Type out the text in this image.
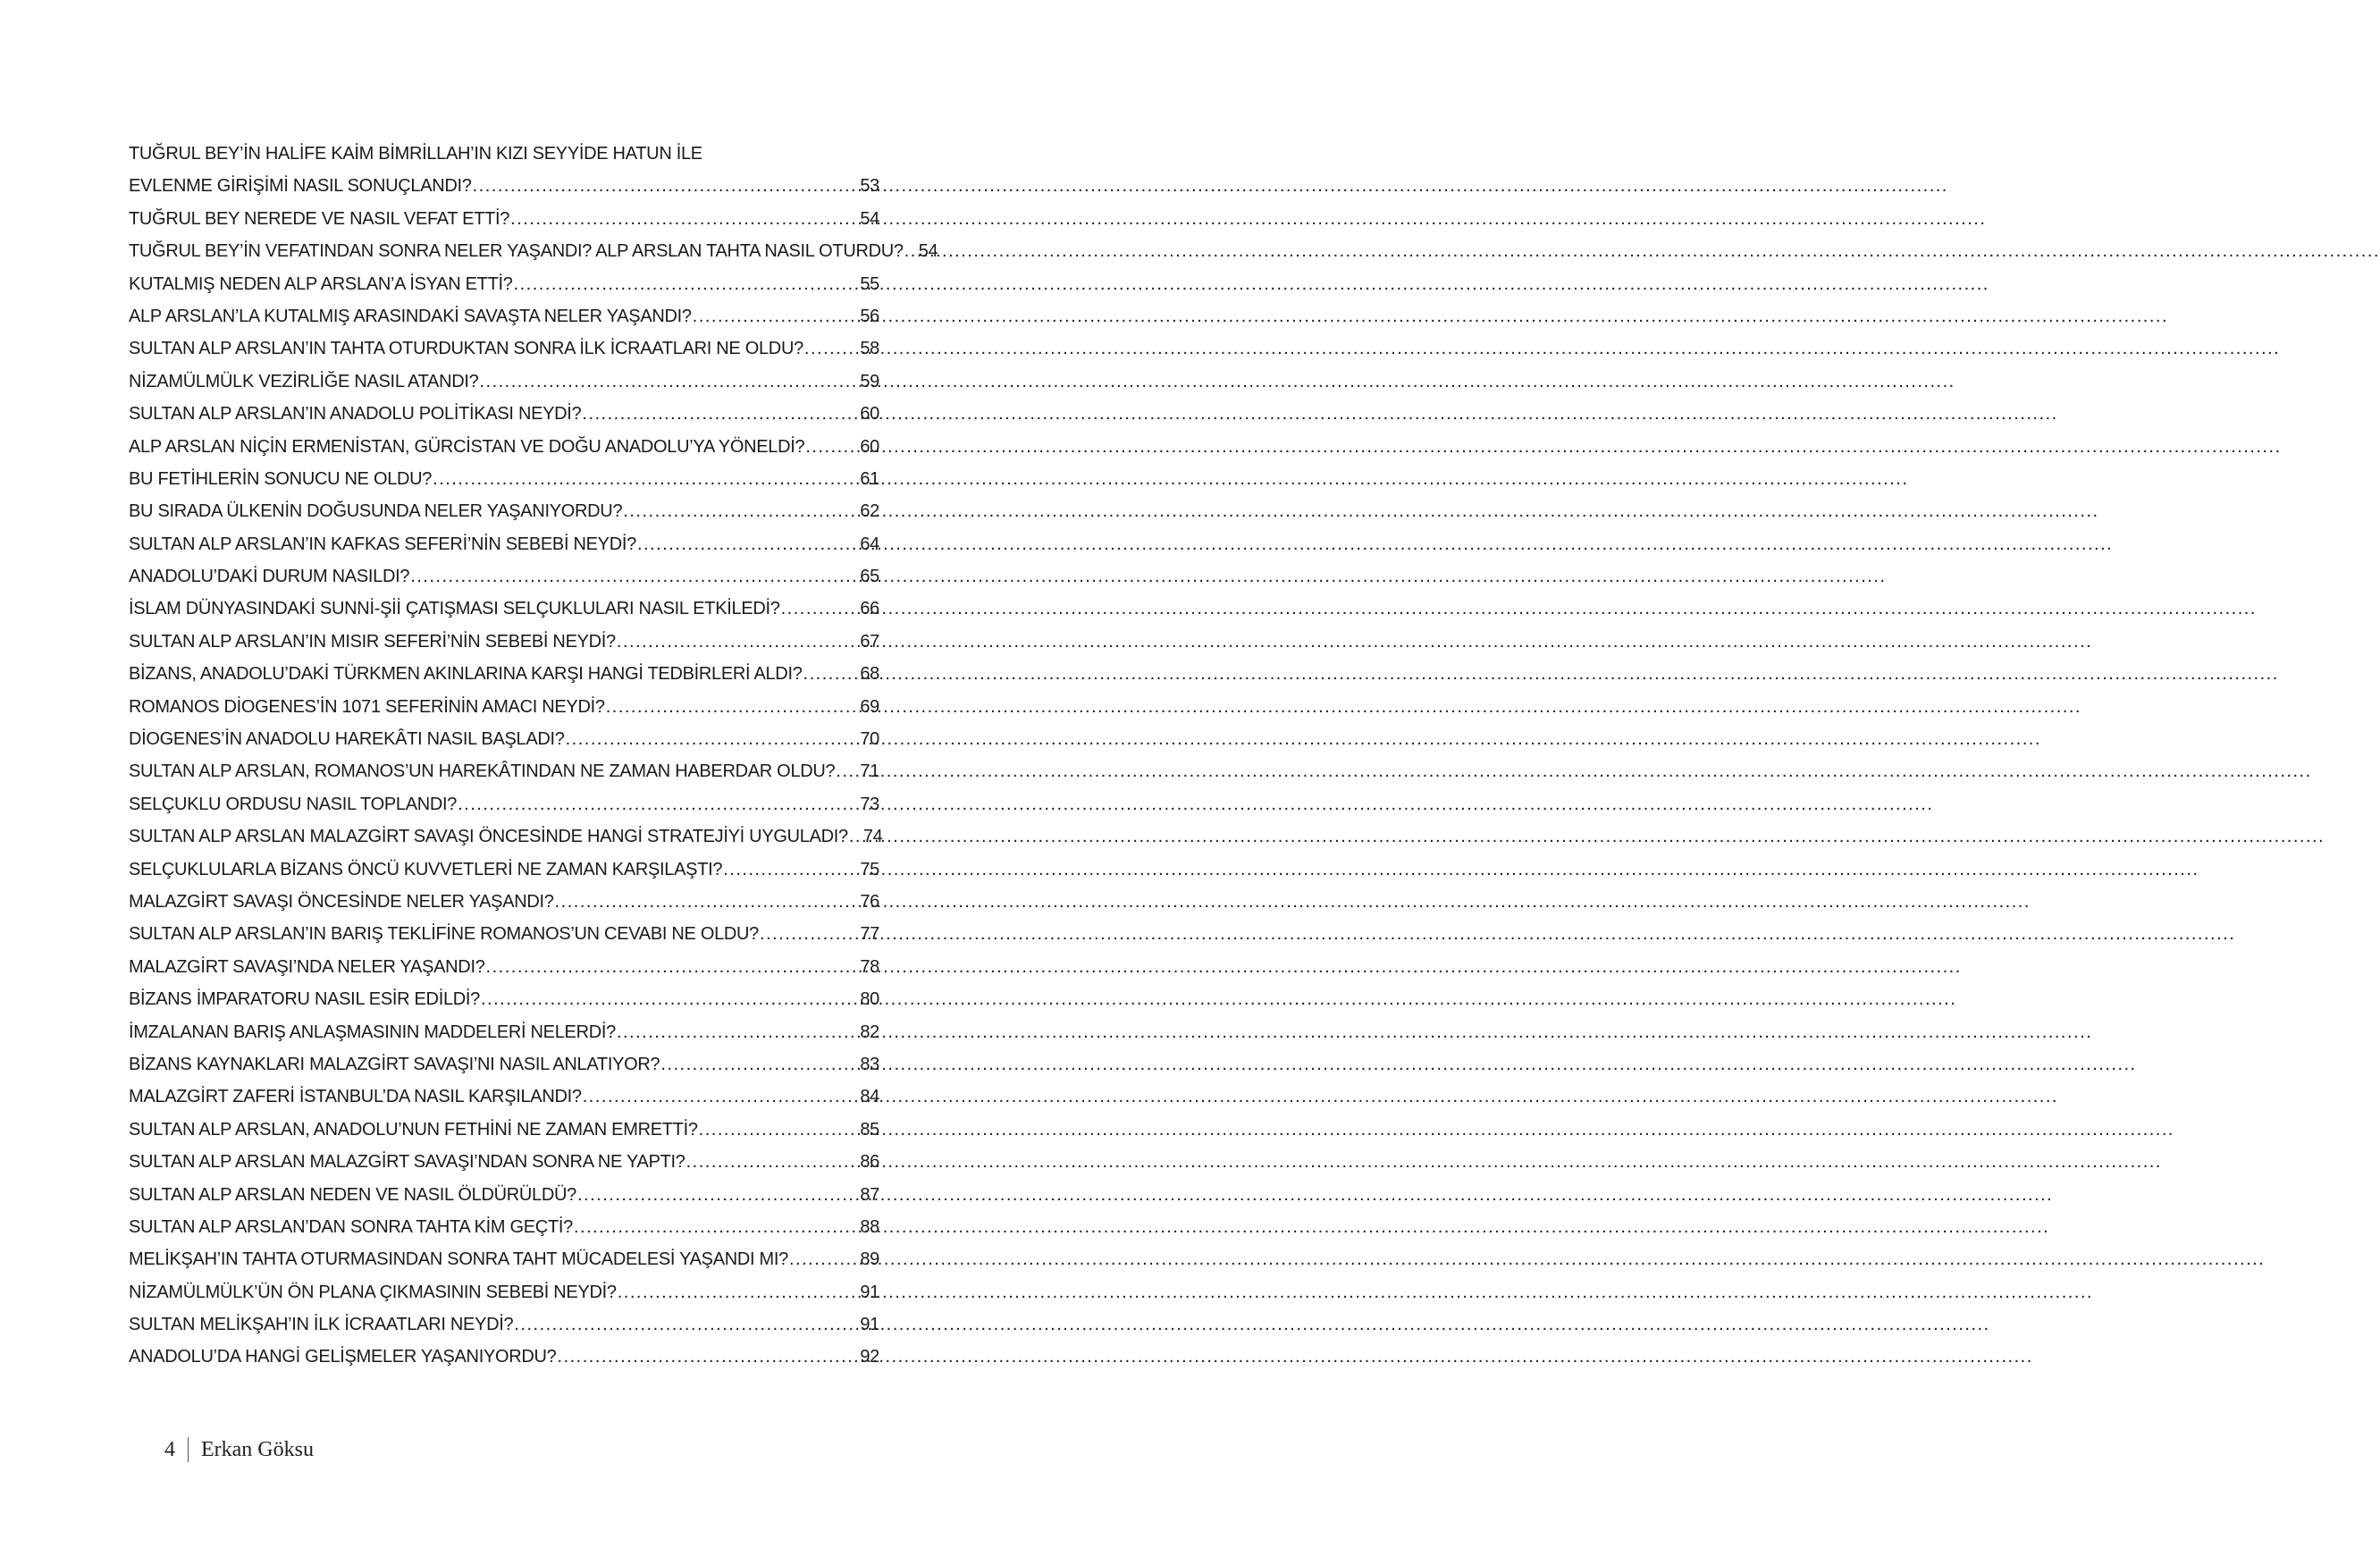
TUĞRUL BEY’İN HALİFE KAİM BİMRİLLAH’IN KIZI SEYYİDE HATUN İLE
EVLENME GİRİŞİMİ NASIL SONUÇLANDI? .....	53
TUĞRUL BEY NEREDE VE NASIL VEFAT ETTİ? .....	54
TUĞRUL BEY’İN VEFATINDAN SONRA NELER YAŞANDI? ALP ARSLAN TAHTA NASIL OTURDU? ..... 54
KUTALMIŞ NEDEN ALP ARSLAN’A İSYAN ETTİ? .....	55
ALP ARSLAN’LA KUTALMIŞ ARASINDAKİ SAVAŞTA NELER YAŞANDI? .....	56
SULTAN ALP ARSLAN’IN TAHTA OTURDUKTAN SONRA İLK İCRAATLARI NE OLDU? .....	58
NİZAMÜLMÜLK VEZİRLİĞE NASIL ATANDI? .....	59
SULTAN ALP ARSLAN’IN ANADOLU POLİTİKASI NEYDİ? .....	60
ALP ARSLAN NİÇİN ERMENİSTAN, GÜRCİSTAN VE DOĞU ANADOLU’YA YÖNELDİ? .....	60
BU FETİHLERİN SONUCU NE OLDU? .....	61
BU SIRADA ÜLKENİN DOĞUSUNDA NELER YAŞANIYORDU? .....	62
SULTAN ALP ARSLAN’IN KAFKAS SEFERİ’NİN SEBEBİ NEYDİ? .....	64
ANADOLU’DAKİ DURUM NASILDI? .....	65
İSLAM DÜNYASINDAKİ SUNNİ-Şİİ ÇATIŞMASI SELÇUKLULARI NASIL ETKİLEDİ? .....	66
SULTAN ALP ARSLAN’IN MISIR SEFERİ’NİN SEBEBİ NEYDİ? .....	67
BİZANS, ANADOLU’DAKİ TÜRKMEN AKINLARINA KARŞI HANGİ TEDBİRLERİ ALDI? .....	68
ROMANOS DİOGENES’İN 1071 SEFERİNİN AMACI NEYDİ? .....	69
DİOGENES’İN ANADOLU HAREKÂTI NASIL BAŞLADI? .....	70
SULTAN ALP ARSLAN, ROMANOS’UN HAREKÂTINDAN NE ZAMAN HABERDAR OLDU? ..... 71
SELÇUKLU ORDUSU NASIL TOPLANDI? .....	73
SULTAN ALP ARSLAN MALAZGİRT SAVAŞI ÖNCESİNDE HANGİ STRATEJİYİ UYGULADI? ..... 74
SELÇUKLULARLA BİZANS ÖNCÜ KUVVETLERİ NE ZAMAN KARŞILAŞTI? .....	75
MALAZGİRT SAVAŞI ÖNCESİNDE NELER YAŞANDI? .....	76
SULTAN ALP ARSLAN’IN BARIŞ TEKLİFİNE ROMANOS’UN CEVABI NE OLDU? .....	77
MALAZGİRT SAVAŞI’NDA NELER YAŞANDI? .....	78
BİZANS İMPARATORU NASIL ESİR EDİLDİ? .....	80
İMZALANAN BARIŞ ANLAŞMASININ MADDELERİ NELERDİ? .....	82
BİZANS KAYNAKLARI MALAZGİRT SAVAŞI’NI NASIL ANLATIYOR? .....	83
MALAZGİRT ZAFERİ İSTANBUL’DA NASIL KARŞILANDI? .....	84
SULTAN ALP ARSLAN, ANADOLU’NUN FETHİNİ NE ZAMAN EMRETTİ? .....	85
SULTAN ALP ARSLAN MALAZGİRT SAVAŞI’NDAN SONRA NE YAPTI? .....	86
SULTAN ALP ARSLAN NEDEN VE NASIL ÖLDÜRÜLDÜ? .....	87
SULTAN ALP ARSLAN’DAN SONRA TAHTA KİM GEÇTİ? .....	88
MELİKŞAH’IN TAHTA OTURMASINDAN SONRA TAHT MÜCADELESİ YAŞANDI MI? .....	89
NİZAMÜLMÜLK’ÜN ÖN PLANA ÇIKMASININ SEBEBİ NEYDİ? .....	91
SULTAN MELİKŞAH’IN İLK İCRAATLARI NEYDİ? .....	91
ANADOLU’DA HANGİ GELİŞMELER YAŞANIYORDU? .....	92
4 Erkan Göksu
